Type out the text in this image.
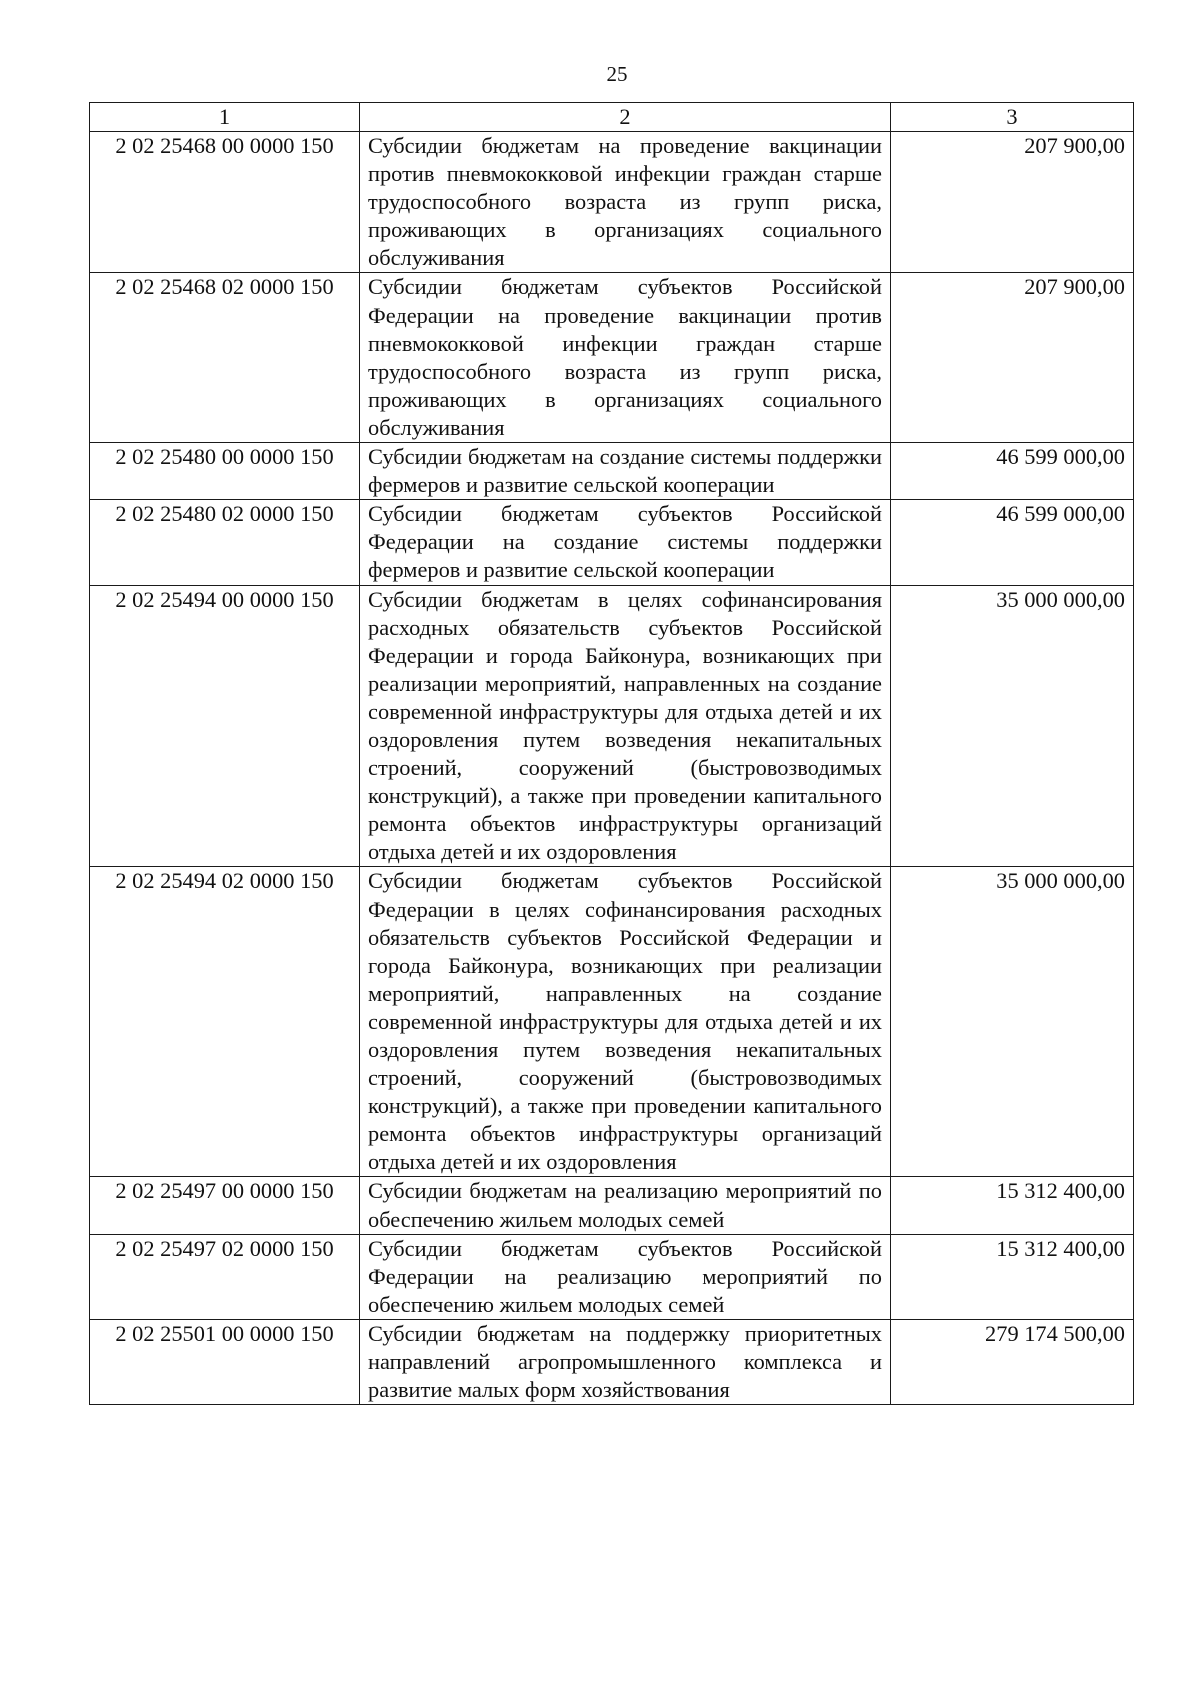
25
1	2	3
2 02 25468 00 0000 150	Субсидии бюджетам на проведение вакцинации против пневмококковой инфекции граждан старше трудоспособного возраста из групп риска, проживающих в организациях социального обслуживания	207 900,00
2 02 25468 02 0000 150	Субсидии бюджетам субъектов Российской Федерации на проведение вакцинации против пневмококковой инфекции граждан старше трудоспособного возраста из групп риска, проживающих в организациях социального обслуживания	207 900,00
2 02 25480 00 0000 150	Субсидии бюджетам на создание системы поддержки фермеров и развитие сельской кооперации	46 599 000,00
2 02 25480 02 0000 150	Субсидии бюджетам субъектов Российской Федерации на создание системы поддержки фермеров и развитие сельской кооперации	46 599 000,00
2 02 25494 00 0000 150	Субсидии бюджетам в целях софинансирования расходных обязательств субъектов Российской Федерации и города Байконура, возникающих при реализации мероприятий, направленных на создание современной инфраструктуры для отдыха детей и их оздоровления путем возведения некапитальных строений, сооружений (быстровозводимых конструкций), а также при проведении капитального ремонта объектов инфраструктуры организаций отдыха детей и их оздоровления	35 000 000,00
2 02 25494 02 0000 150	Субсидии бюджетам субъектов Российской Федерации в целях софинансирования расходных обязательств субъектов Российской Федерации и города Байконура, возникающих при реализации мероприятий, направленных на создание современной инфраструктуры для отдыха детей и их оздоровления путем возведения некапитальных строений, сооружений (быстровозводимых конструкций), а также при проведении капитального ремонта объектов инфраструктуры организаций отдыха детей и их оздоровления	35 000 000,00
2 02 25497 00 0000 150	Субсидии бюджетам на реализацию мероприятий по обеспечению жильем молодых семей	15 312 400,00
2 02 25497 02 0000 150	Субсидии бюджетам субъектов Российской Федерации на реализацию мероприятий по обеспечению жильем молодых семей	15 312 400,00
2 02 25501 00 0000 150	Субсидии бюджетам на поддержку приоритетных направлений агропромышленного комплекса и развитие малых форм хозяйствования	279 174 500,00
